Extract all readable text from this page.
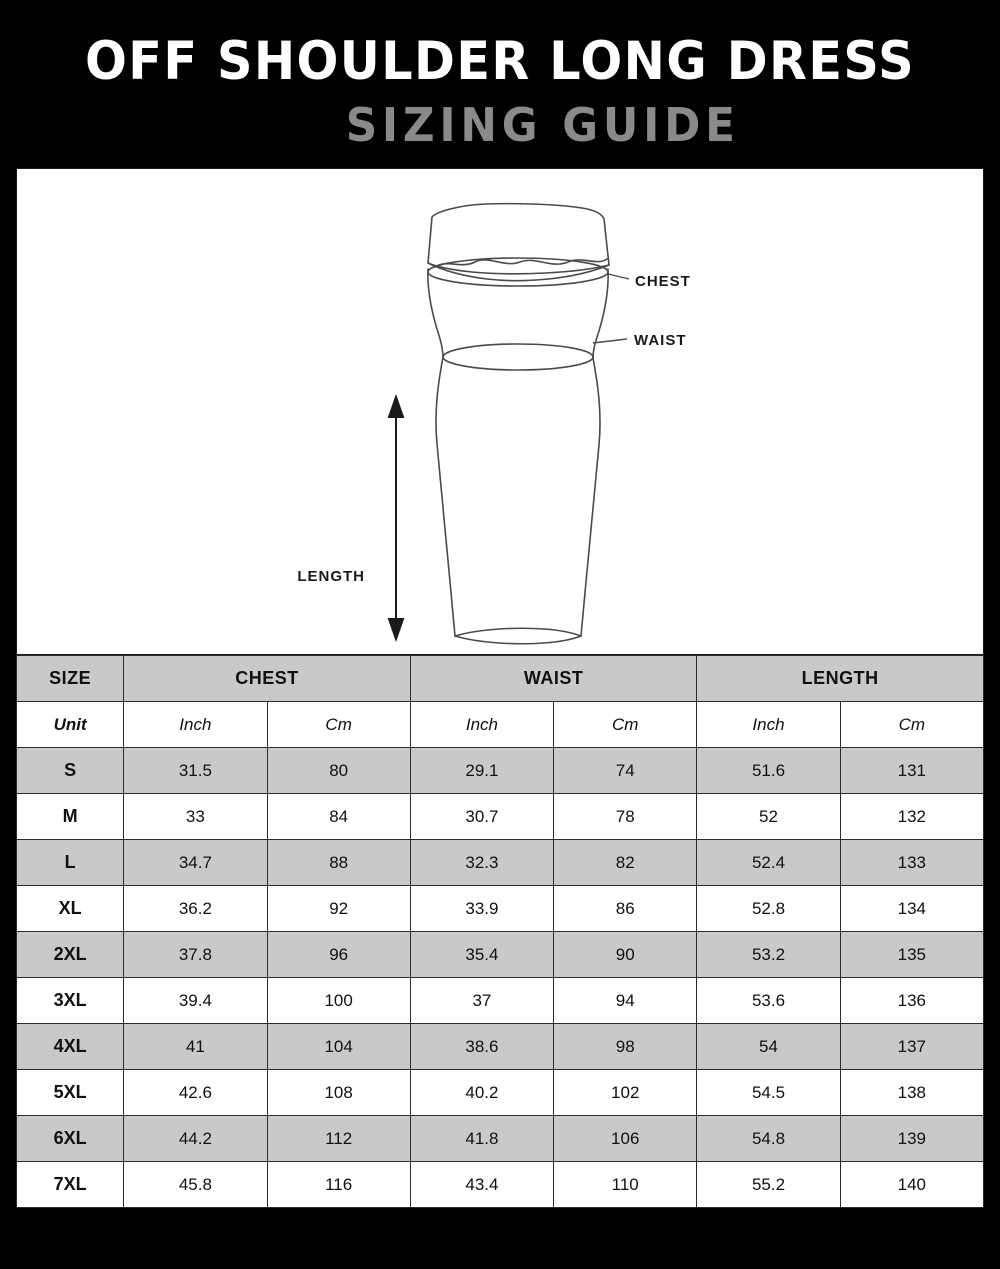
OFF SHOULDER LONG DRESS
SIZING GUIDE
LENGTH
CHEST
WAIST
SIZE	CHEST		WAIST		LENGTH	
Unit	Inch	Cm	Inch	Cm	Inch	Cm
S	31.5	80	29.1	74	51.6	131
M	33	84	30.7	78	52	132
L	34.7	88	32.3	82	52.4	133
XL	36.2	92	33.9	86	52.8	134
2XL	37.8	96	35.4	90	53.2	135
3XL	39.4	100	37	94	53.6	136
4XL	41	104	38.6	98	54	137
5XL	42.6	108	40.2	102	54.5	138
6XL	44.2	112	41.8	106	54.8	139
7XL	45.8	116	43.4	110	55.2	140
